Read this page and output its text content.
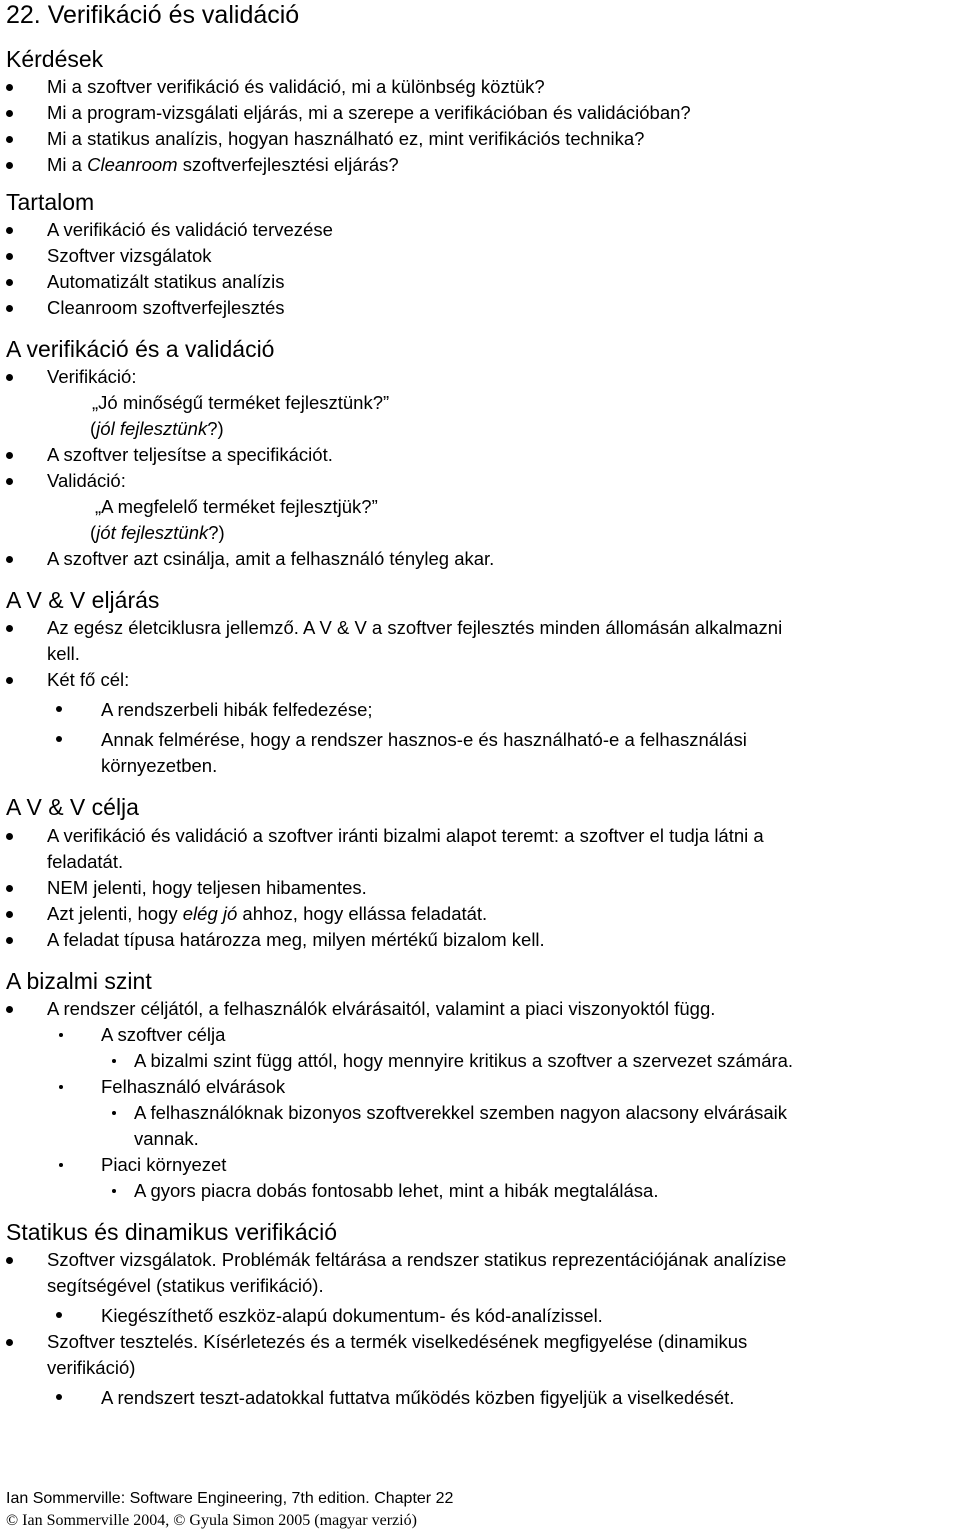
22. Verifikáció és validáció
Kérdések
Mi a szoftver verifikáció és validáció, mi a különbség köztük?
Mi a program-vizsgálati eljárás, mi a szerepe a verifikációban és validációban?
Mi a statikus analízis, hogyan használható ez, mint verifikációs technika?
Mi a Cleanroom szoftverfejlesztési eljárás?
Tartalom
A verifikáció és validáció tervezése
Szoftver vizsgálatok
Automatizált statikus analízis
Cleanroom szoftverfejlesztés
A verifikáció és a validáció
Verifikáció:
„Jó minőségű terméket fejlesztünk?”
(jól fejlesztünk?)
A szoftver teljesítse a specifikációt.
Validáció:
„A megfelelő terméket fejlesztjük?”
(jót fejlesztünk?)
A szoftver azt csinálja, amit a felhasználó tényleg akar.
A V & V eljárás
Az egész életciklusra jellemző. A V & V a szoftver fejlesztés minden állomásán alkalmazni
kell.
Két fő cél:
A rendszerbeli hibák felfedezése;
Annak felmérése, hogy a rendszer hasznos-e és használható-e a felhasználási
környezetben.
A V & V célja
A verifikáció és validáció a szoftver iránti bizalmi alapot teremt: a szoftver el tudja látni a
feladatát.
NEM jelenti, hogy teljesen hibamentes.
Azt jelenti, hogy elég jó ahhoz, hogy ellássa feladatát.
A feladat típusa határozza meg, milyen mértékű bizalom kell.
A bizalmi szint
A rendszer céljától, a felhasználók elvárásaitól, valamint a piaci viszonyoktól függ.
A szoftver célja
A bizalmi szint függ attól, hogy mennyire kritikus a szoftver a szervezet számára.
Felhasználó elvárások
A felhasználóknak bizonyos szoftverekkel szemben nagyon alacsony elvárásaik
vannak.
Piaci környezet
A gyors piacra dobás fontosabb lehet, mint a hibák megtalálása.
Statikus és dinamikus verifikáció
Szoftver vizsgálatok. Problémák feltárása a rendszer statikus reprezentációjának analízise
segítségével (statikus verifikáció).
Kiegészíthető eszköz-alapú dokumentum- és kód-analízissel.
Szoftver tesztelés. Kísérletezés és a termék viselkedésének megfigyelése (dinamikus
verifikáció)
A rendszert teszt-adatokkal futtatva működés közben figyeljük a viselkedését.
Ian Sommerville: Software Engineering, 7th edition. Chapter 22
© Ian Sommerville 2004, © Gyula Simon 2005 (magyar verzió)
